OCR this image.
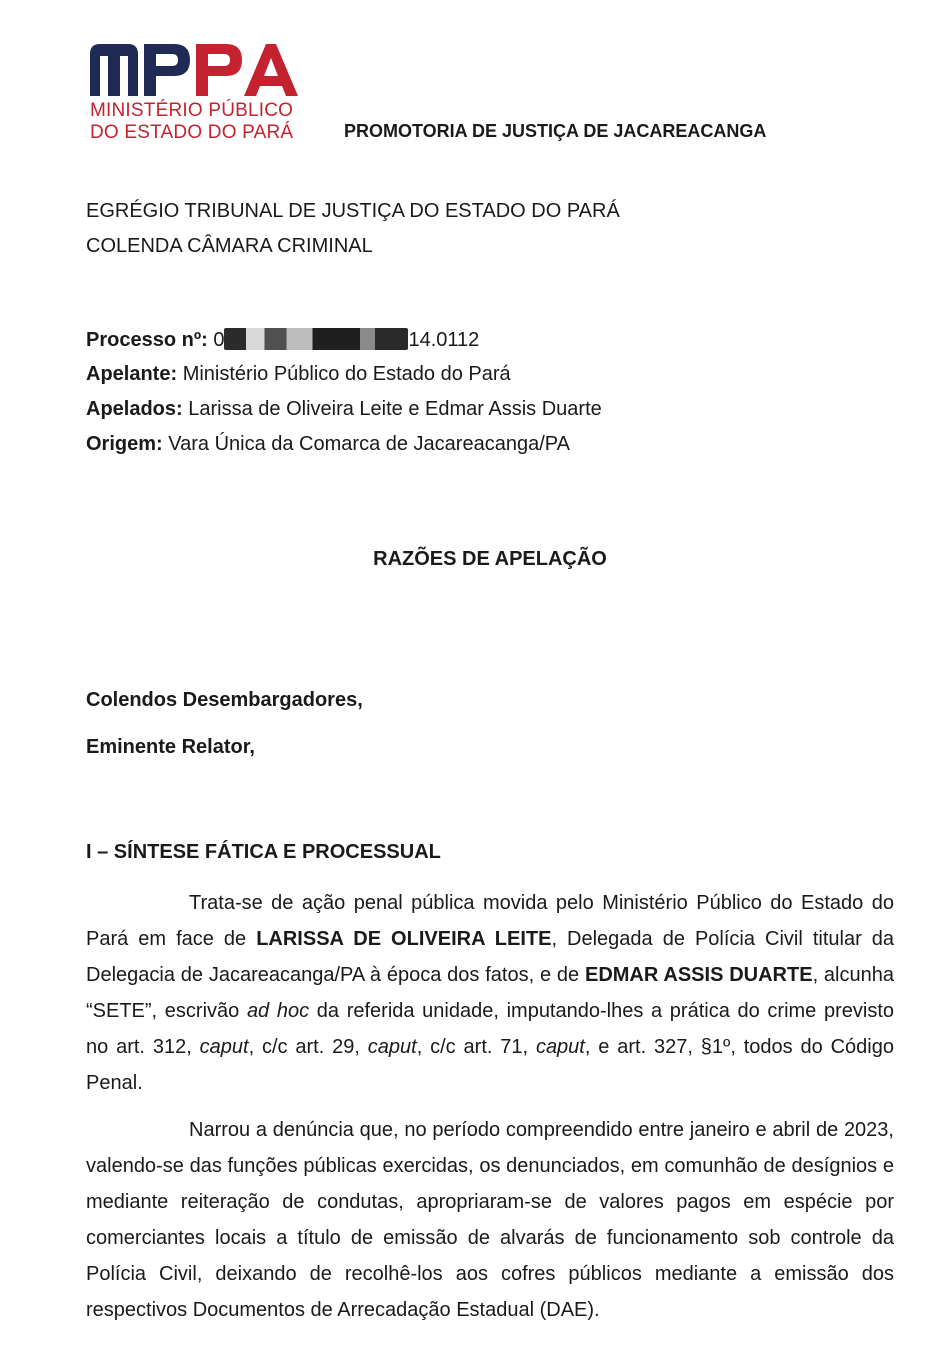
MINISTÉRIO PÚBLICO
DO ESTADO DO PARÁ	PROMOTORIA DE JUSTIÇA DE JACAREACANGA
EGRÉGIO TRIBUNAL DE JUSTIÇA DO ESTADO DO PARÁ
COLENDA CÂMARA CRIMINAL
Processo nº: 0	14.0112
Apelante: Ministério Público do Estado do Pará
Apelados: Larissa de Oliveira Leite e Edmar Assis Duarte
Origem: Vara Única da Comarca de Jacareacanga/PA
RAZÕES DE APELAÇÃO
Colendos Desembargadores,
Eminente Relator,
I – SÍNTESE FÁTICA E PROCESSUAL

Trata-se de ação penal pública movida pelo Ministério Público do Estado do Pará em face de LARISSA DE OLIVEIRA LEITE, Delegada de Polícia Civil titular da Delegacia de Jacareacanga/PA à época dos fatos, e de EDMAR ASSIS DUARTE, alcunha “SETE”, escrivão ad hoc da referida unidade, imputando-lhes a prática do crime previsto no art. 312, caput, c/c art. 29, caput, c/c art. 71, caput, e art. 327, §1º, todos do Código Penal.

Narrou a denúncia que, no período compreendido entre janeiro e abril de 2023, valendo-se das funções públicas exercidas, os denunciados, em comunhão de desígnios e mediante reiteração de condutas, apropriaram-se de valores pagos em espécie por comerciantes locais a título de emissão de alvarás de funcionamento sob controle da Polícia Civil, deixando de recolhê-los aos cofres públicos mediante a emissão dos respectivos Documentos de Arrecadação Estadual (DAE).
